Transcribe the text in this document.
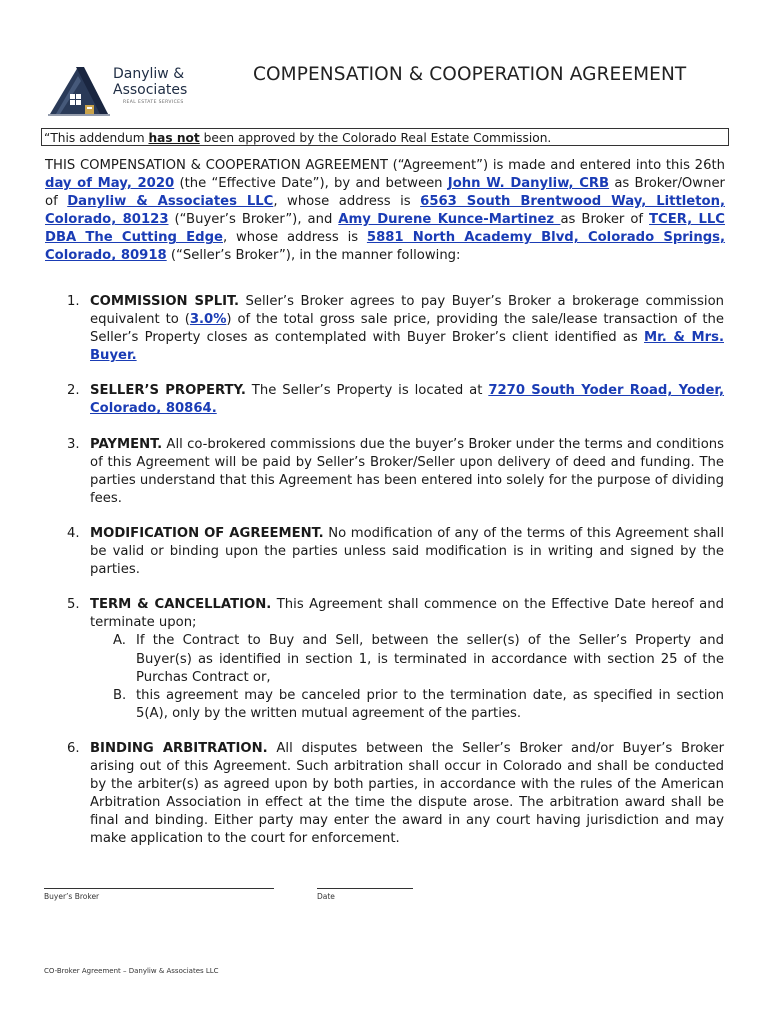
Danyliw &
Associates
REAL ESTATE SERVICES
COMPENSATION & COOPERATION AGREEMENT
“This addendum has not been approved by the Colorado Real Estate Commission.

THIS COMPENSATION & COOPERATION AGREEMENT (“Agreement”) is made and entered into this 26th day of May, 2020 (the “Effective Date”), by and between John W. Danyliw, CRB as Broker/Owner of Danyliw & Associates LLC, whose address is 6563 South Brentwood Way, Littleton, Colorado, 80123 (“Buyer’s Broker”), and Amy Durene Kunce-Martinez as Broker of TCER, LLC DBA The Cutting Edge, whose address is 5881 North Academy Blvd, Colorado Springs, Colorado, 80918 (“Seller’s Broker”), in the manner following:

1. COMMISSION SPLIT. Seller’s Broker agrees to pay Buyer’s Broker a brokerage commission equivalent to (3.0%) of the total gross sale price, providing the sale/lease transaction of the Seller’s Property closes as contemplated with Buyer Broker’s client identified as Mr. & Mrs. Buyer.

2. SELLER’S PROPERTY. The Seller’s Property is located at 7270 South Yoder Road, Yoder, Colorado, 80864.

3. PAYMENT. All co-brokered commissions due the buyer’s Broker under the terms and conditions of this Agreement will be paid by Seller’s Broker/Seller upon delivery of deed and funding. The parties understand that this Agreement has been entered into solely for the purpose of dividing fees.

4. MODIFICATION OF AGREEMENT. No modification of any of the terms of this Agreement shall be valid or binding upon the parties unless said modification is in writing and signed by the parties.

5. TERM & CANCELLATION. This Agreement shall commence on the Effective Date hereof and terminate upon;

A. If the Contract to Buy and Sell, between the seller(s) of the Seller’s Property and Buyer(s) as identified in section 1, is terminated in accordance with section 25 of the Purchas Contract or,
B. this agreement may be canceled prior to the termination date, as specified in section 5(A), only by the written mutual agreement of the parties.
6. BINDING ARBITRATION. All disputes between the Seller’s Broker and/or Buyer’s Broker arising out of this Agreement. Such arbitration shall occur in Colorado and shall be conducted by the arbiter(s) as agreed upon by both parties, in accordance with the rules of the American Arbitration Association in effect at the time the dispute arose. The arbitration award shall be final and binding. Either party may enter the award in any court having jurisdiction and may make application to the court for enforcement.

Buyer’s Broker	Date
CO-Broker Agreement – Danyliw & Associates LLC
